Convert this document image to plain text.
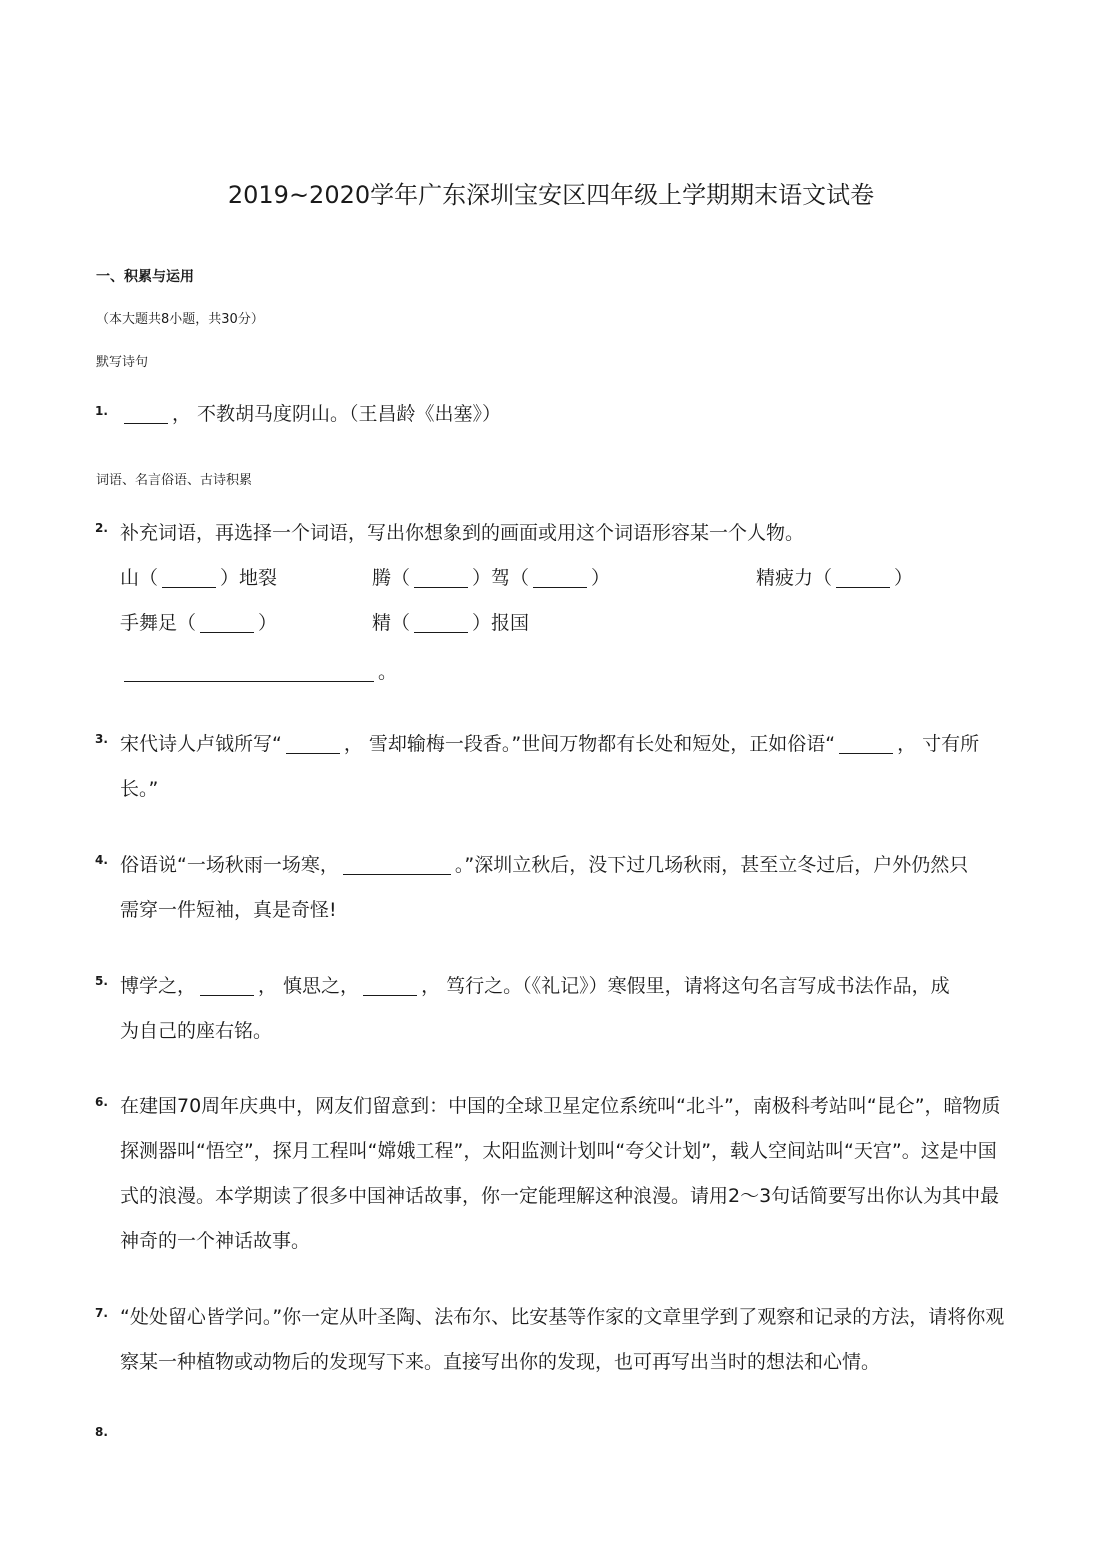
2019~2020学年广东深圳宝安区四年级上学期期末语文试卷
一、积累与运用
（本大题共8小题，共30分）
默写诗句
1.	， 不教胡马度阴山。（王昌龄《出塞》）
词语、名言俗语、古诗积累
2. 补充词语，再选择一个词语，写出你想象到的画面或用这个词语形容某一个人物。
山（	）地裂	腾（	）驾（	）	精疲力（	）
手舞足（	）	精（	）报国
。
3. 宋代诗人卢钺所写“	， 雪却输梅一段香。”世间万物都有长处和短处，正如俗语“	， 寸有所
长。”
4. 俗语说“一场秋雨一场寒，	。”深圳立秋后，没下过几场秋雨，甚至立冬过后，户外仍然只
需穿一件短袖，真是奇怪!
5. 博学之，	， 慎思之，	， 笃行之。（《礼记》）寒假里，请将这句名言写成书法作品，成
为自己的座右铭。
6. 在建国70周年庆典中，网友们留意到：中国的全球卫星定位系统叫“北斗”，南极科考站叫“昆仑”，暗物质探测器叫“悟空”，探月工程叫“嫦娥工程”，太阳监测计划叫“夸父计划”，载人空间站叫“天宫”。这是中国式的浪漫。本学期读了很多中国神话故事，你一定能理解这种浪漫。请用2～3句话简要写出你认为其中最神奇的一个神话故事。
7. “处处留心皆学问。”你一定从叶圣陶、法布尔、比安基等作家的文章里学到了观察和记录的方法，请将你观察某一种植物或动物后的发现写下来。直接写出你的发现，也可再写出当时的想法和心情。
8.
